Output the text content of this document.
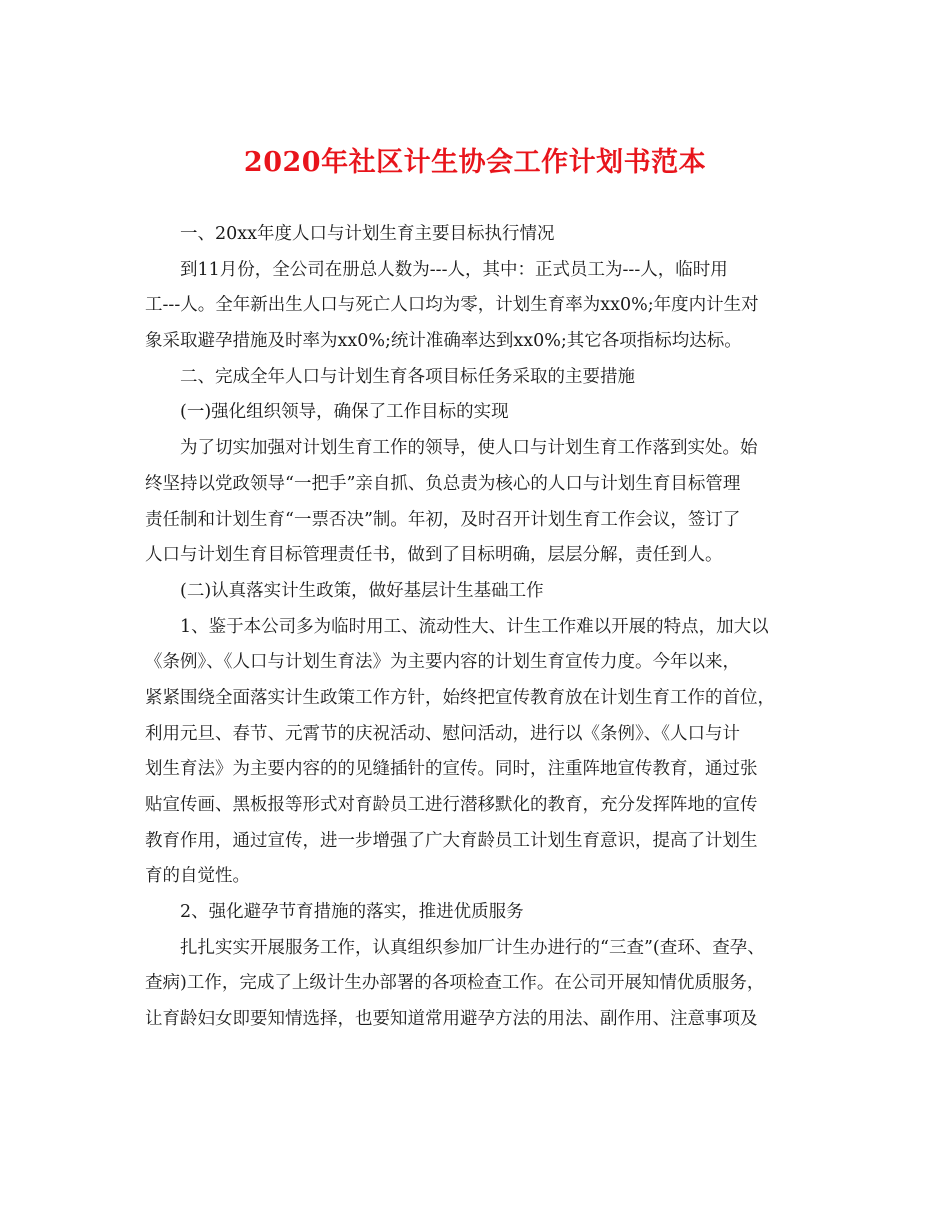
2020年社区计生协会工作计划书范本
一、20xx年度人口与计划生育主要目标执行情况
到11月份，全公司在册总人数为---人，其中：正式员工为---人，临时用
工---人。全年新出生人口与死亡人口均为零，计划生育率为xx0%;年度内计生对
象采取避孕措施及时率为xx0%;统计准确率达到xx0%;其它各项指标均达标。
二、完成全年人口与计划生育各项目标任务采取的主要措施
(一)强化组织领导，确保了工作目标的实现
为了切实加强对计划生育工作的领导，使人口与计划生育工作落到实处。始
终坚持以党政领导“一把手”亲自抓、负总责为核心的人口与计划生育目标管理
责任制和计划生育“一票否决”制。年初，及时召开计划生育工作会议，签订了
人口与计划生育目标管理责任书，做到了目标明确，层层分解，责任到人。
(二)认真落实计生政策，做好基层计生基础工作
1、鉴于本公司多为临时用工、流动性大、计生工作难以开展的特点，加大以
《条例》、《人口与计划生育法》为主要内容的计划生育宣传力度。今年以来，
紧紧围绕全面落实计生政策工作方针，始终把宣传教育放在计划生育工作的首位，
利用元旦、春节、元霄节的庆祝活动、慰问活动，进行以《条例》、《人口与计
划生育法》为主要内容的的见缝插针的宣传。同时，注重阵地宣传教育，通过张
贴宣传画、黑板报等形式对育龄员工进行潜移默化的教育，充分发挥阵地的宣传
教育作用，通过宣传，进一步增强了广大育龄员工计划生育意识，提高了计划生
育的自觉性。
2、强化避孕节育措施的落实，推进优质服务
扎扎实实开展服务工作，认真组织参加厂计生办进行的“三查”(查环、查孕、
查病)工作，完成了上级计生办部署的各项检查工作。在公司开展知情优质服务，
让育龄妇女即要知情选择，也要知道常用避孕方法的用法、副作用、注意事项及
